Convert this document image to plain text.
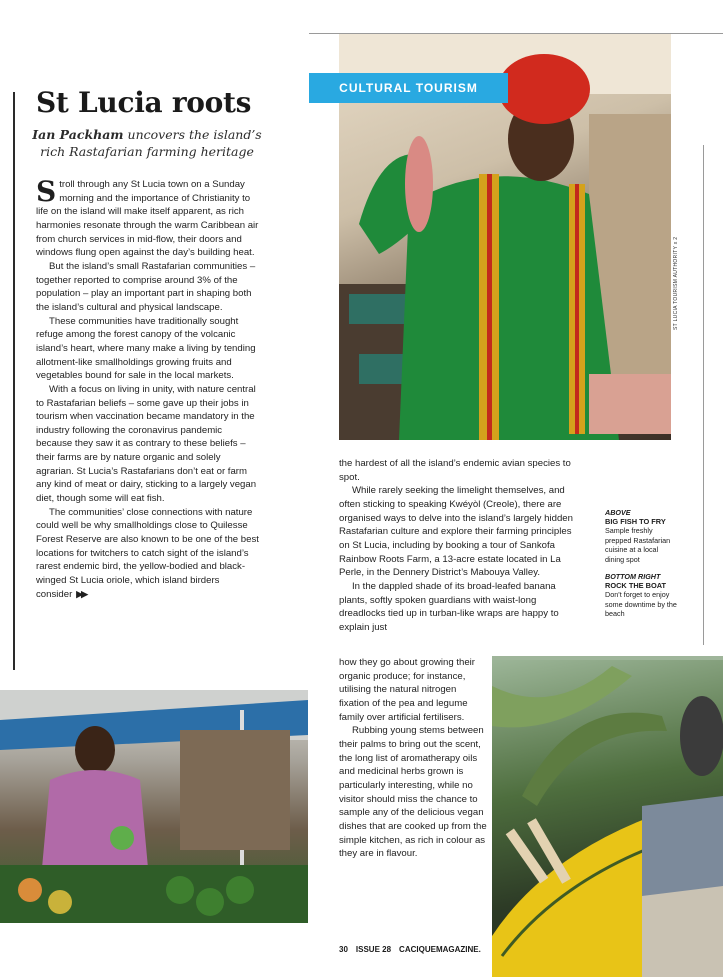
CULTURAL TOURISM
ST LUCIA TOURISM AUTHORITY x 2
St Lucia roots

Ian Packham uncovers the island’s rich Rastafarian farming heritage

Stroll through any St Lucia town on a Sunday morning and the importance of Christianity to life on the island will make itself apparent, as rich harmonies resonate through the warm Caribbean air from church services in mid-flow, their doors and windows flung open against the day’s building heat.

But the island’s small Rastafarian communities – together reported to comprise around 3% of the population – play an important part in shaping both the island’s cultural and physical landscape.

These communities have traditionally sought refuge among the forest canopy of the volcanic island’s heart, where many make a living by tending allotment-like smallholdings growing fruits and vegetables bound for sale in the local markets.

With a focus on living in unity, with nature central to Rastafarian beliefs – some gave up their jobs in tourism when vaccination became mandatory in the industry following the coronavirus pandemic because they saw it as contrary to these beliefs – their farms are by nature organic and solely agrarian. St Lucia’s Rastafarians don’t eat or farm any kind of meat or dairy, sticking to a largely vegan diet, though some will eat fish.

The communities’ close connections with nature could well be why smallholdings close to Quilesse Forest Reserve are also known to be one of the best locations for twitchers to catch sight of the island’s rarest endemic bird, the yellow-bodied and black-winged St Lucia oriole, which island birders consider ▶▶

the hardest of all the island’s endemic avian species to spot.

While rarely seeking the limelight themselves, and often sticking to speaking Kwéyòl (Creole), there are organised ways to delve into the island’s largely hidden Rastafarian culture and explore their farming principles on St Lucia, including by booking a tour of Sankofa Rainbow Roots Farm, a 13-acre estate located in La Perle, in the Dennery District’s Mabouya Valley.

In the dappled shade of its broad-leafed banana plants, softly spoken guardians with waist-long dreadlocks tied up in turban-like wraps are happy to explain just

how they go about growing their organic produce; for instance, utilising the natural nitrogen fixation of the pea and legume family over artificial fertilisers.

Rubbing young stems between their palms to bring out the scent, the long list of aromatherapy oils and medicinal herbs grown is particularly interesting, while no visitor should miss the chance to sample any of the delicious vegan dishes that are cooked up from the simple kitchen, as rich in colour as they are in flavour.

ABOVE
BIG FISH TO FRY
Sample freshly prepped Rastafarian cuisine at a local dining spot
BOTTOM RIGHT
ROCK THE BOAT
Don’t forget to enjoy some downtime by the beach
30 ISSUE 28 CACIQUEMAGAZINE.
